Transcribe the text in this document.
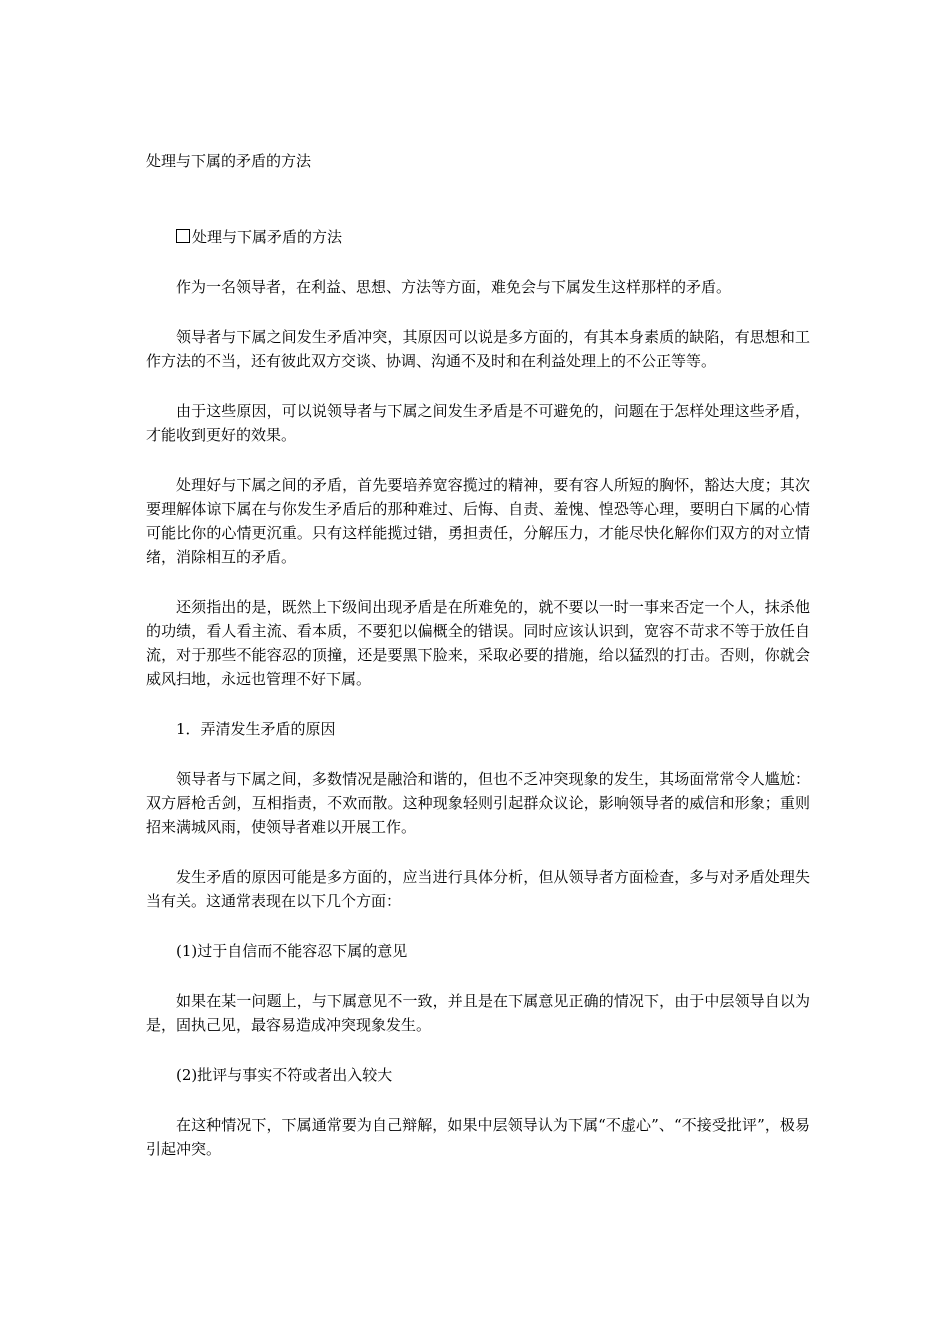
处理与下属的矛盾的方法

处理与下属矛盾的方法

作为一名领导者，在利益、思想、方法等方面，难免会与下属发生这样那样的矛盾。

领导者与下属之间发生矛盾冲突，其原因可以说是多方面的，有其本身素质的缺陷，有思想和工作方法的不当，还有彼此双方交谈、协调、沟通不及时和在利益处理上的不公正等等。

由于这些原因，可以说领导者与下属之间发生矛盾是不可避免的，问题在于怎样处理这些矛盾，才能收到更好的效果。

处理好与下属之间的矛盾，首先要培养宽容揽过的精神，要有容人所短的胸怀，豁达大度；其次要理解体谅下属在与你发生矛盾后的那种难过、后悔、自责、羞愧、惶恐等心理，要明白下属的心情可能比你的心情更沉重。只有这样能揽过错，勇担责任，分解压力，才能尽快化解你们双方的对立情绪，消除相互的矛盾。

还须指出的是，既然上下级间出现矛盾是在所难免的，就不要以一时一事来否定一个人，抹杀他的功绩，看人看主流、看本质，不要犯以偏概全的错误。同时应该认识到，宽容不苛求不等于放任自流，对于那些不能容忍的顶撞，还是要黑下脸来，采取必要的措施，给以猛烈的打击。否则，你就会威风扫地，永远也管理不好下属。

1．弄清发生矛盾的原因

领导者与下属之间，多数情况是融洽和谐的，但也不乏冲突现象的发生，其场面常常令人尴尬：双方唇枪舌剑，互相指责，不欢而散。这种现象轻则引起群众议论，影响领导者的威信和形象；重则招来满城风雨，使领导者难以开展工作。

发生矛盾的原因可能是多方面的，应当进行具体分析，但从领导者方面检查，多与对矛盾处理失当有关。这通常表现在以下几个方面：

(1)过于自信而不能容忍下属的意见

如果在某一问题上，与下属意见不一致，并且是在下属意见正确的情况下，由于中层领导自以为是，固执己见，最容易造成冲突现象发生。

(2)批评与事实不符或者出入较大

在这种情况下，下属通常要为自己辩解，如果中层领导认为下属“不虚心”、“不接受批评”，极易引起冲突。
